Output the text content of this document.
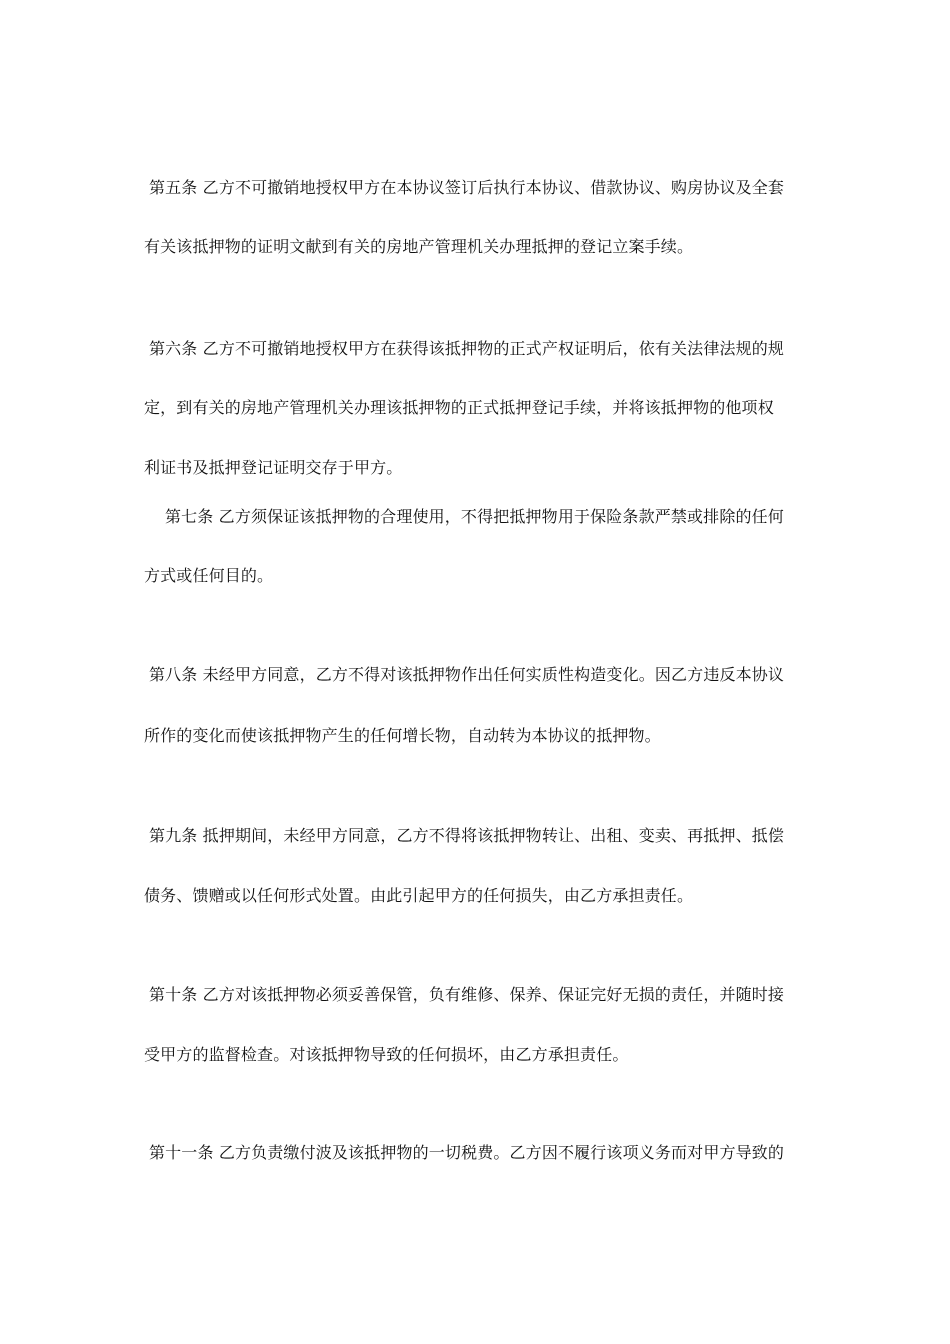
第五条 乙方不可撤销地授权甲方在本协议签订后执行本协议、借款协议、购房协议及全套
有关该抵押物的证明文献到有关的房地产管理机关办理抵押的登记立案手续。
第六条 乙方不可撤销地授权甲方在获得该抵押物的正式产权证明后，依有关法律法规的规
定，到有关的房地产管理机关办理该抵押物的正式抵押登记手续，并将该抵押物的他项权
利证书及抵押登记证明交存于甲方。
第七条 乙方须保证该抵押物的合理使用，不得把抵押物用于保险条款严禁或排除的任何
方式或任何目的。
第八条 未经甲方同意，乙方不得对该抵押物作出任何实质性构造变化。因乙方违反本协议
所作的变化而使该抵押物产生的任何增长物，自动转为本协议的抵押物。
第九条 抵押期间，未经甲方同意，乙方不得将该抵押物转让、出租、变卖、再抵押、抵偿
债务、馈赠或以任何形式处置。由此引起甲方的任何损失，由乙方承担责任。
第十条 乙方对该抵押物必须妥善保管，负有维修、保养、保证完好无损的责任，并随时接
受甲方的监督检查。对该抵押物导致的任何损坏，由乙方承担责任。
第十一条 乙方负责缴付波及该抵押物的一切税费。乙方因不履行该项义务而对甲方导致的
